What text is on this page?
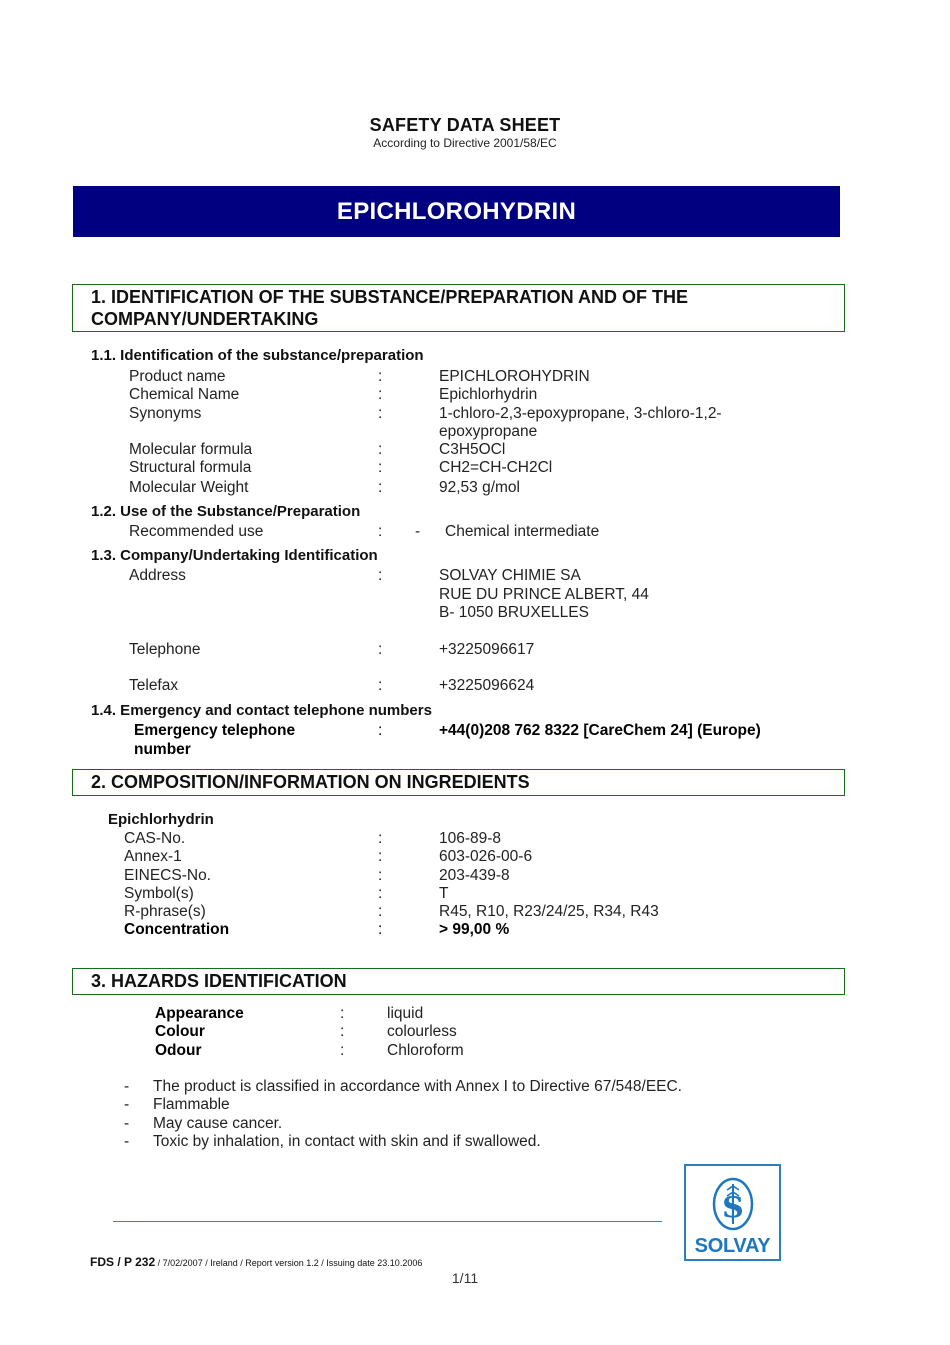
SAFETY DATA SHEET
According to Directive 2001/58/EC
EPICHLOROHYDRIN
1. IDENTIFICATION OF THE SUBSTANCE/PREPARATION AND OF THE
COMPANY/UNDERTAKING
1.1. Identification of the substance/preparation
Product name	:	EPICHLOROHYDRIN
Chemical Name	:	Epichlorhydrin
Synonyms	:	1-chloro-2,3-epoxypropane, 3-chloro-1,2-
epoxypropane
Molecular formula	:	C3H5OCl
Structural formula	:	CH2=CH-CH2Cl
Molecular Weight	:	92,53 g/mol
1.2. Use of the Substance/Preparation
Recommended use	: - Chemical intermediate
1.3. Company/Undertaking Identification
Address	:	SOLVAY CHIMIE SA
RUE DU PRINCE ALBERT, 44
B- 1050 BRUXELLES
Telephone	:	+3225096617
Telefax	:	+3225096624
1.4. Emergency and contact telephone numbers
Emergency telephone	:	+44(0)208 762 8322 [CareChem 24] (Europe)
number
2. COMPOSITION/INFORMATION ON INGREDIENTS
Epichlorhydrin
CAS-No.	:	106-89-8
Annex-1	:	603-026-00-6
EINECS-No.	:	203-439-8
Symbol(s)	:	T
R-phrase(s)	:	R45, R10, R23/24/25, R34, R43
Concentration	:	> 99,00 %
3. HAZARDS IDENTIFICATION
Appearance	:	liquid
Colour	:	colourless
Odour	:	Chloroform
- The product is classified in accordance with Annex I to Directive 67/548/EEC.
- Flammable
- May cause cancer.
- Toxic by inhalation, in contact with skin and if swallowed.
$
SOLVAY
FDS / P 232 / 7/02/2007 / Ireland / Report version 1.2 / Issuing date 23.10.2006
1/11
